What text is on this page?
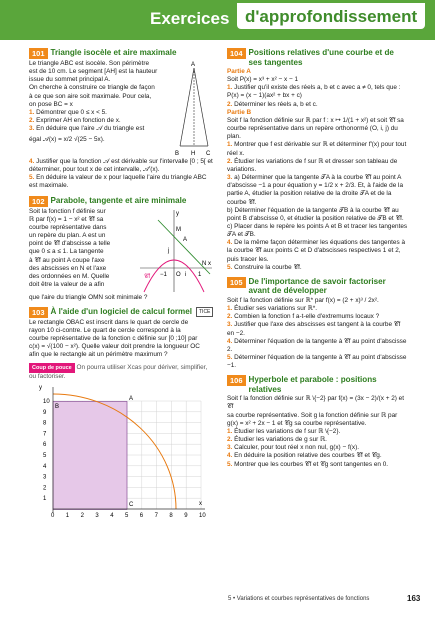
Exercices d'approfondissement
101 Triangle isocèle et aire maximale

Le triangle ABC est isocèle. Son périmètre

est de 10 cm. Le segment [AH] est la hauteur

issue du sommet principal A.

On cherche à construire ce triangle de façon

à ce que son aire soit maximale. Pour cela,

on pose BC = x

1. Démontrer que 0 ≤ x < 5.

2. Exprimer AH en fonction de x.

3. En déduire que l'aire 𝒜 du triangle est

égal 𝒜(x) = x/2 √(25 − 5x).

A
B H C

4. Justifier que la fonction 𝒜 est dérivable sur l'intervalle [0 ; 5[ et déterminer, pour tout x de cet intervalle, 𝒜′(x).

5. En déduire la valeur de x pour laquelle l'aire du triangle ABC est maximale.

102 Parabole, tangente et aire minimale

Soit la fonction f définie sur

ℝ par f(x) = 1 − x² et 𝒞f sa

courbe représentative dans

un repère du plan. A est un

point de 𝒞f d'abscisse a telle

que 0 ≤ a ≤ 1. La tangente

à 𝒞f au point A coupe l'axe

des abscisses en N et l'axe

des ordonnées en M. Quelle

doit être la valeur de a afin

y
x
M
A
N
O
j
i
−1	1
𝒞f

que l'aire du triangle OMN soit minimale ?

103 À l'aide d'un logiciel de calcul formel	TICE

Le rectangle OBAC est inscrit dans le quart de cercle de

rayon 10 ci-contre. Le quart de cercle correspond à la

courbe représentative de la fonction c définie sur [0 ;10] par

c(x) = √(100 − x²). Quelle valeur doit prendre la longueur OC

afin que le rectangle ait un périmètre maximum ?

Coup de pouce On pourra utiliser Xcas pour dériver, simplifier, ou factoriser.

10
9
8
7
6
5
4
3
2
1
0 1 2 3 4 5 6 7 8 9 10
y
x
B
A
C
104 Positions relatives d'une courbe et de ses tangentes

Partie A

Soit P(x) = x³ + x² − x − 1

1. Justifier qu'il existe des réels a, b et c avec a ≠ 0, tels que : P(x) = (x − 1)(ax² + bx + c)

2. Déterminer les réels a, b et c.

Partie B

Soit f la fonction définie sur ℝ par f : x ↦ 1/(1 + x²) et soit 𝒞f sa courbe représentative dans un repère orthonormé (O, i, j) du plan.

1. Montrer que f est dérivable sur ℝ et déterminer f′(x) pour tout réel x.

2. Étudier les variations de f sur ℝ et dresser son tableau de variations.

3. a) Déterminer que la tangente 𝒯A à la courbe 𝒞f au point A d'abscisse −1 a pour équation y = 1/2 x + 2/3. Et, à l'aide de la partie A, étudier la position relative de la droite 𝒯A et de la courbe 𝒞f.

b) Déterminer l'équation de la tangente 𝒯B à la courbe 𝒞f au point B d'abscisse 0, et étudier la position relative de 𝒯B et 𝒞f.

c) Placer dans le repère les points A et B et tracer les tangentes 𝒯A et 𝒯B.

4. De la même façon déterminer les équations des tangentes à la courbe 𝒞f aux points C et D d'abscisses respectives 1 et 2, puis tracer les.

5. Construire la courbe 𝒞f.

105 De l'importance de savoir factoriser avant de développer

Soit f la fonction définie sur ℝ* par f(x) = (2 + x)³ / 2x².

1. Étudier ses variations sur ℝ*.

2. Combien la fonction f a-t-elle d'extremums locaux ?

3. Justifier que l'axe des abscisses est tangent à la courbe 𝒞f en −2.

4. Déterminer l'équation de la tangente à 𝒞f au point d'abscisse 2.

5. Déterminer l'équation de la tangente à 𝒞f au point d'abscisse −1.

106 Hyperbole et parabole : positions relatives

Soit f la fonction définie sur ℝ \{−2} par f(x) = (3x − 2)/(x + 2) et 𝒞f

sa courbe représentative. Soit g la fonction définie sur ℝ par g(x) = x² + 2x − 1 et 𝒞g sa courbe représentative.

1. Étudier les variations de f sur ℝ \{−2}.

2. Étudier les variations de g sur ℝ.

3. Calculer, pour tout réel x non nul, g(x) − f(x).

4. En déduire la position relative des courbes 𝒞f et 𝒞g.

5. Montrer que les courbes 𝒞f et 𝒞g sont tangentes en 0.

5 • Variations et courbes représentatives de fonctions	163
